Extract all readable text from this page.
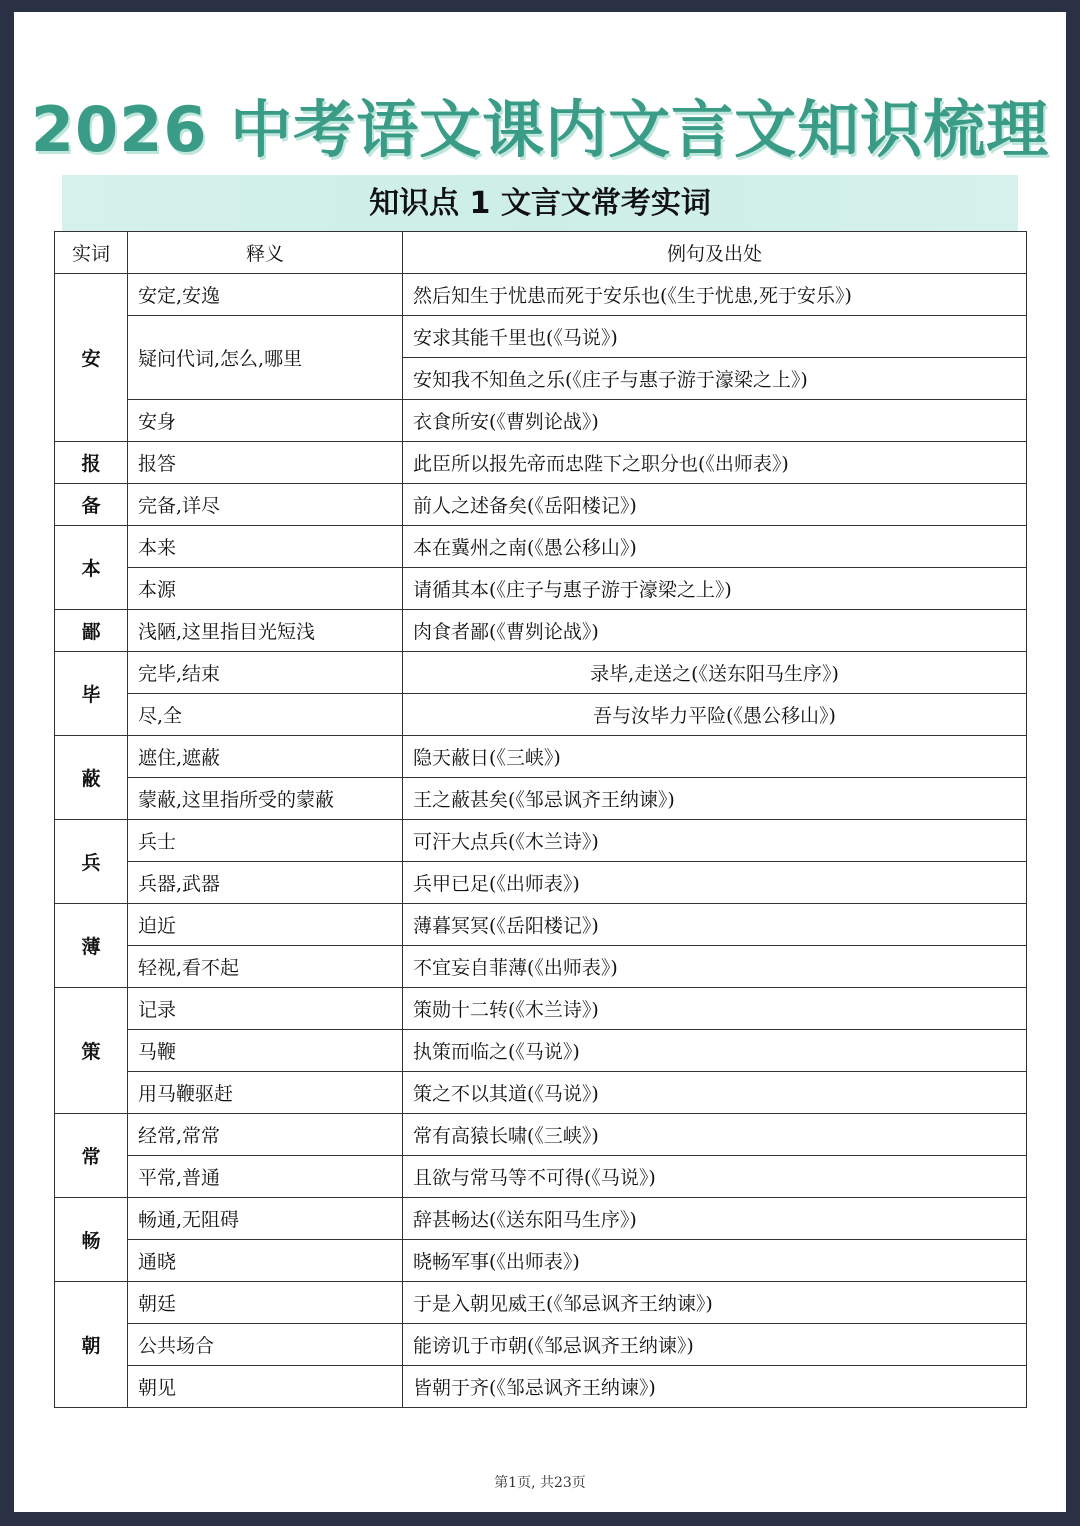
2026 中考语文课内文言文知识梳理
知识点 1 文言文常考实词
实词	释义	例句及出处
安	安定,安逸	然后知生于忧患而死于安乐也(《生于忧患,死于安乐》)
	疑问代词,怎么,哪里	安求其能千里也(《马说》)
		安知我不知鱼之乐(《庄子与惠子游于濠梁之上》)
	安身	衣食所安(《曹刿论战》)
报	报答	此臣所以报先帝而忠陛下之职分也(《出师表》)
备	完备,详尽	前人之述备矣(《岳阳楼记》)
本	本来	本在冀州之南(《愚公移山》)
	本源	请循其本(《庄子与惠子游于濠梁之上》)
鄙	浅陋,这里指目光短浅	肉食者鄙(《曹刿论战》)
毕	完毕,结束	录毕,走送之(《送东阳马生序》)
	尽,全	吾与汝毕力平险(《愚公移山》)
蔽	遮住,遮蔽	隐天蔽日(《三峡》)
	蒙蔽,这里指所受的蒙蔽	王之蔽甚矣(《邹忌讽齐王纳谏》)
兵	兵士	可汗大点兵(《木兰诗》)
	兵器,武器	兵甲已足(《出师表》)
薄	迫近	薄暮冥冥(《岳阳楼记》)
	轻视,看不起	不宜妄自菲薄(《出师表》)
策	记录	策勋十二转(《木兰诗》)
	马鞭	执策而临之(《马说》)
	用马鞭驱赶	策之不以其道(《马说》)
常	经常,常常	常有高猿长啸(《三峡》)
	平常,普通	且欲与常马等不可得(《马说》)
畅	畅通,无阻碍	辞甚畅达(《送东阳马生序》)
	通晓	晓畅军事(《出师表》)
朝	朝廷	于是入朝见威王(《邹忌讽齐王纳谏》)
	公共场合	能谤讥于市朝(《邹忌讽齐王纳谏》)
	朝见	皆朝于齐(《邹忌讽齐王纳谏》)
第1页, 共23页
